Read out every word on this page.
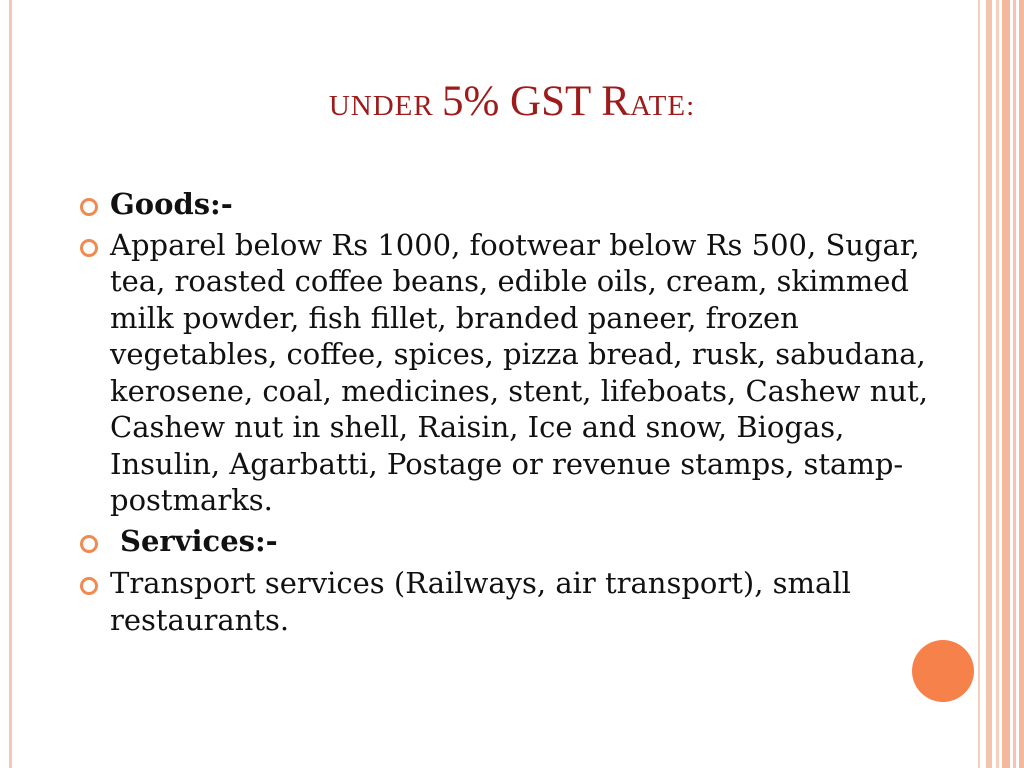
UNDER 5% GST RATE:
Goods:-
Apparel below Rs 1000, footwear below Rs 500, Sugar, tea, roasted coffee beans, edible oils, cream, skimmed milk powder, fish fillet, branded paneer, frozen vegetables, coffee, spices, pizza bread, rusk, sabudana, kerosene, coal, medicines, stent, lifeboats, Cashew nut, Cashew nut in shell, Raisin, Ice and snow, Biogas, Insulin, Agarbatti, Postage or revenue stamps, stamp-postmarks.
Services:-
Transport services (Railways, air transport), small restaurants.
